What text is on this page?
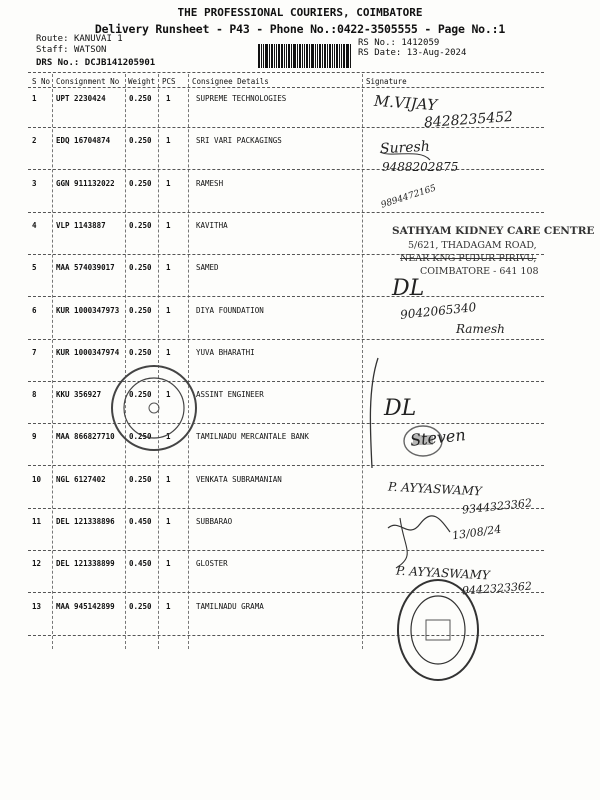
THE PROFESSIONAL COURIERS, COIMBATORE
Delivery Runsheet - P43 - Phone No.:0422-3505555 - Page No.:1
Route: KANUVAI 1
Staff: WATSON
DRS No.: DCJB141205901
RS No.: 1412059
RS Date: 13-Aug-2024
S No Consignment No Weight PCS Consignee Details	Signature
1	UPT 2230424	0.250 1	SUPREME TECHNOLOGIES
2	EDQ 16704874	0.250 1	SRI VARI PACKAGINGS
3	GGN 911132022 0.250 1	RAMESH
4	VLP 1143887	0.250 1	KAVITHA
5	MAA 574039017 0.250 1	SAMED
6	KUR 1000347973 0.250 1	DIYA FOUNDATION
7	KUR 1000347974 0.250 1	YUVA BHARATHI
8	KKU 356927	0.250 1	ASSINT ENGINEER
9	MAA 866827710 0.250 1	TAMILNADU MERCANTALE BANK
10 NGL 6127402	0.250 1	VENKATA SUBRAMANIAN
11 DEL 121338896 0.450 1	SUBBARAO
12 DEL 121338899 0.450 1	GLOSTER
13 MAA 945142899 0.250 1	TAMILNADU GRAMA
M.VIJAY
8428235452
Suresh
9488202875
9894472165
SATHYAM KIDNEY CARE CENTRE
5/621, THADAGAM ROAD,
NEAR KNG PUDUR PIRIVU,
COIMBATORE - 641 108
DL
9042065340
Ramesh
DL
Steven
P. AYYASWAMY
9344323362
13/08/24
P. AYYASWAMY
9442323362
